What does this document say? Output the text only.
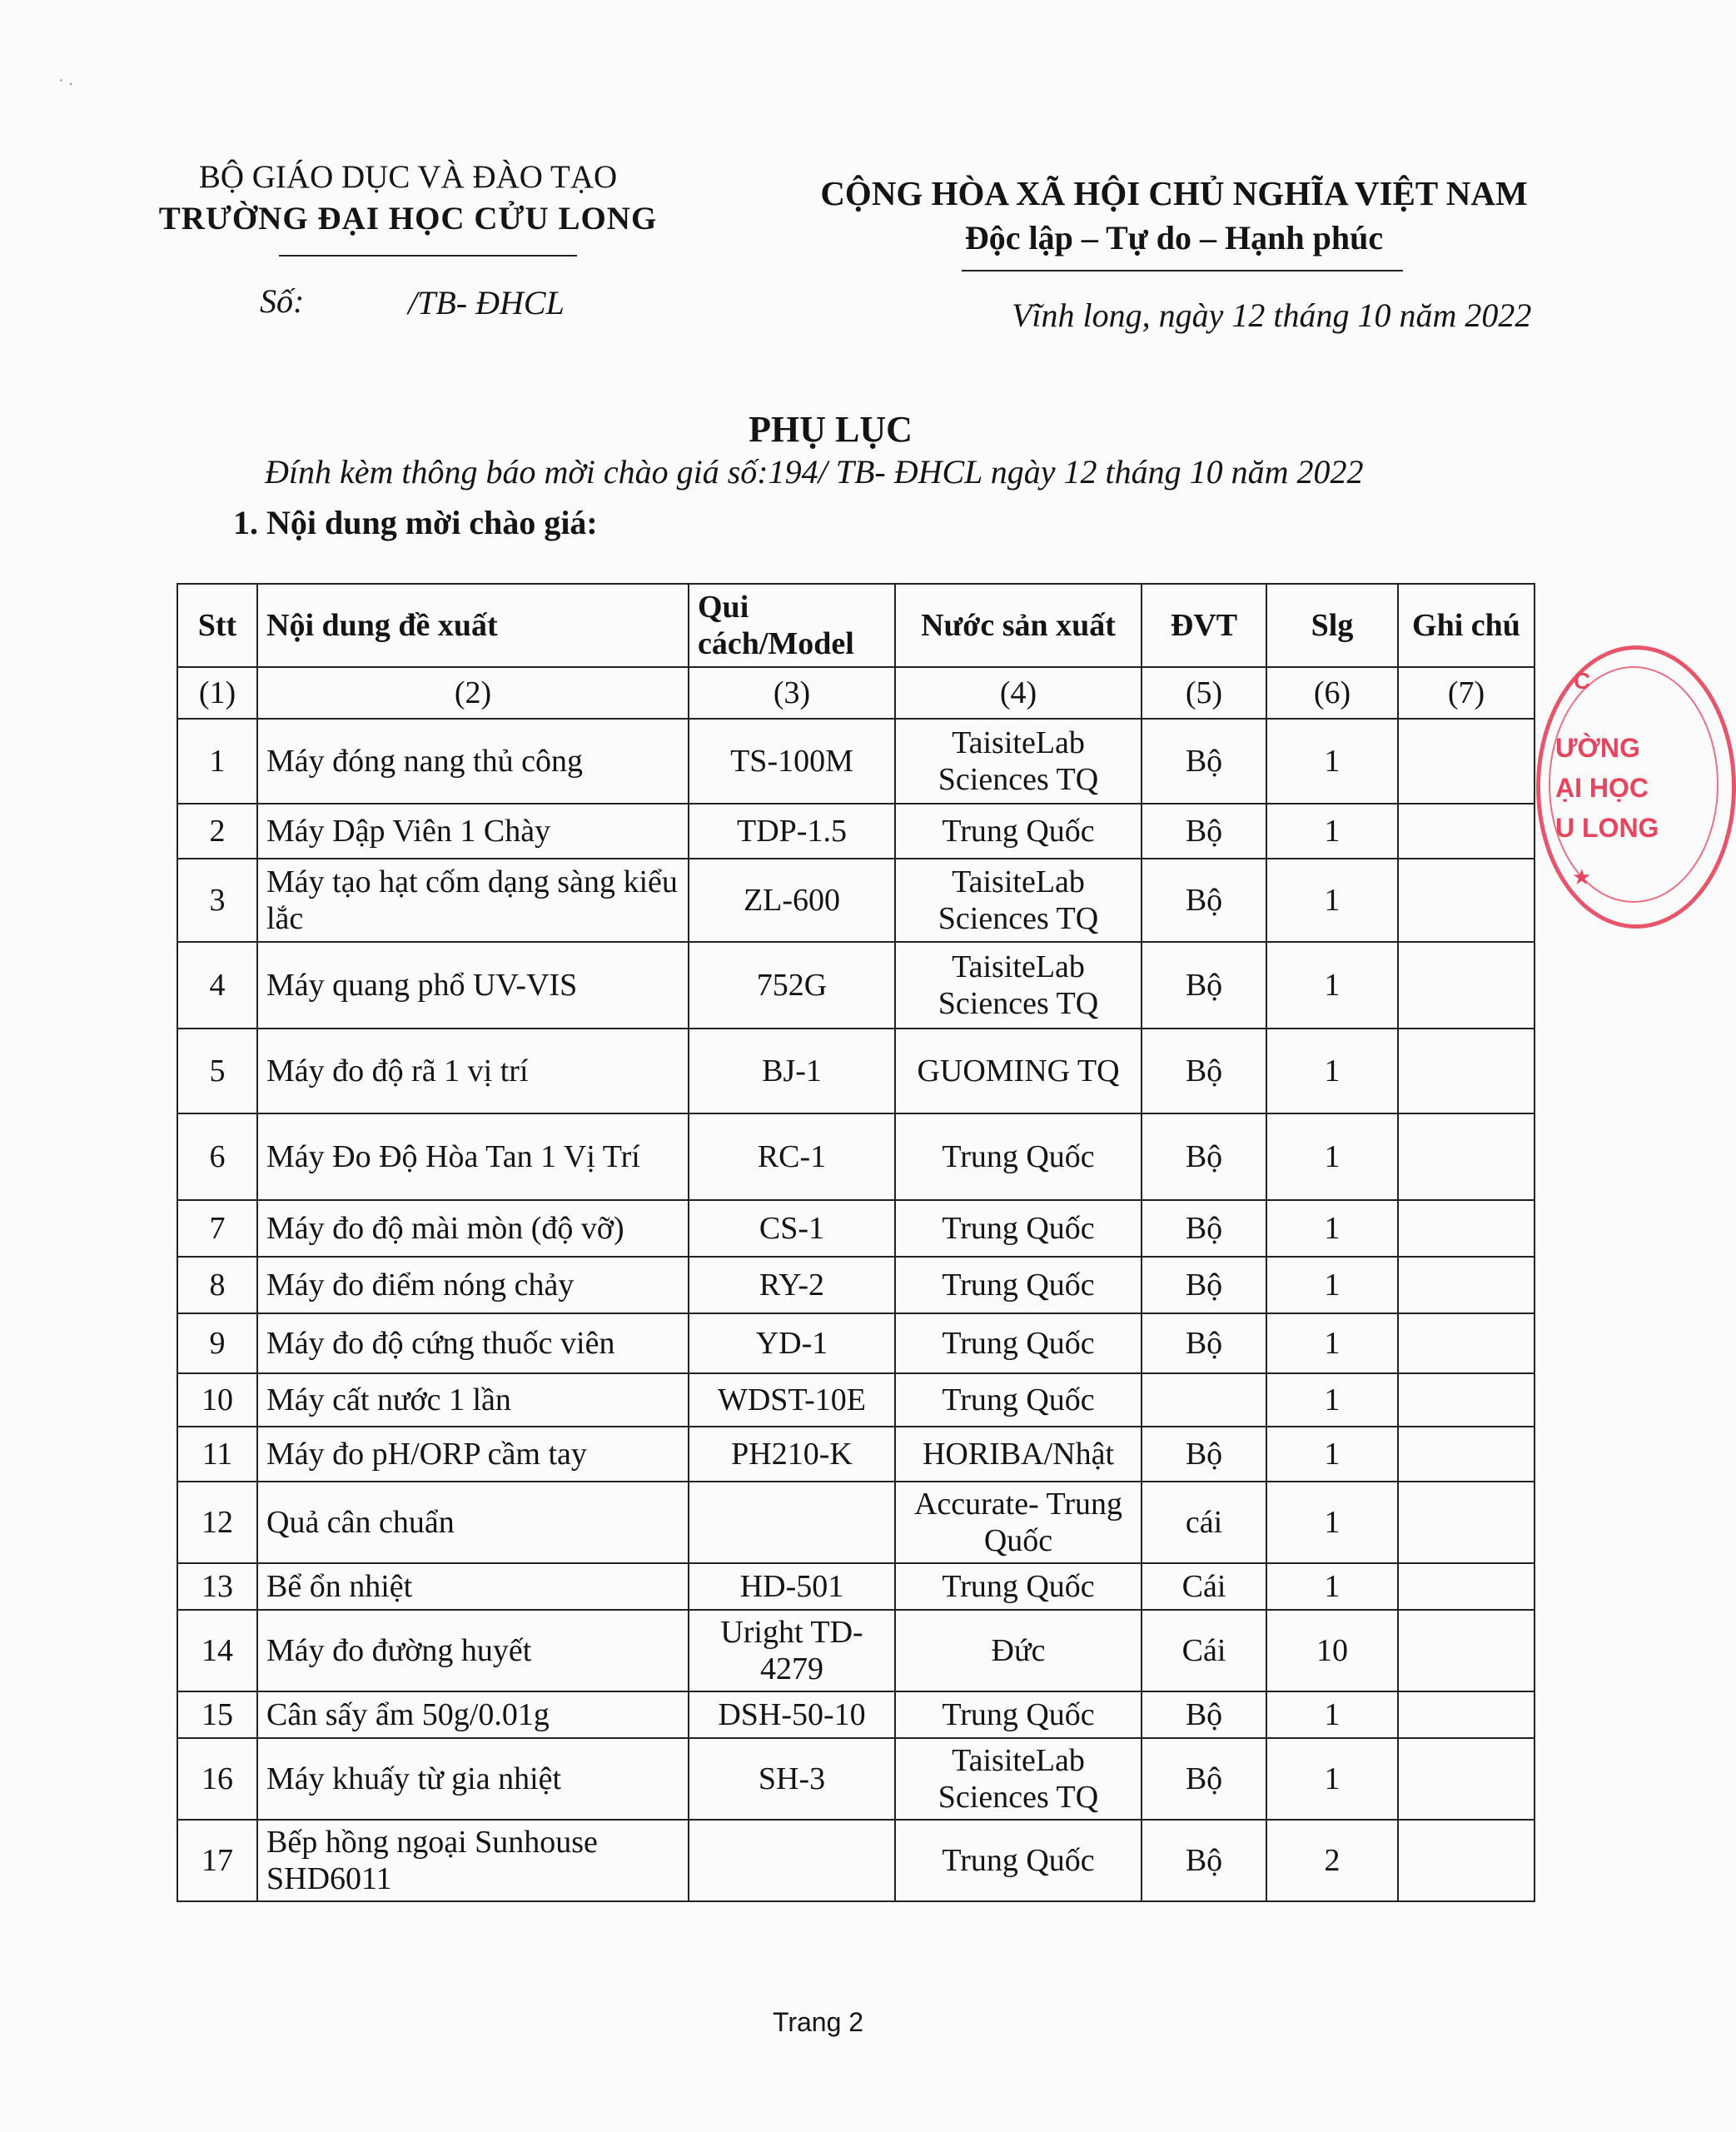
· .
BỘ GIÁO DỤC VÀ ĐÀO TẠO
TRƯỜNG ĐẠI HỌC CỬU LONG
CỘNG HÒA XÃ HỘI CHỦ NGHĨA VIỆT NAM
Độc lập – Tự do – Hạnh phúc
Số:	/TB- ĐHCL	Vĩnh long, ngày 12 tháng 10 năm 2022
PHỤ LỤC
Đính kèm thông báo mời chào giá số:194/ TB- ĐHCL ngày 12 tháng 10 năm 2022
1. Nội dung mời chào giá:
Stt	Nội dung đề xuất	Qui cách/Model	Nước sản xuất	ĐVT	Slg	Ghi chú
(1)	(2)	(3)	(4)	(5)	(6)	(7)
1	Máy đóng nang thủ công	TS-100M	TaisiteLab Sciences TQ	Bộ	1	
2	Máy Dập Viên 1 Chày	TDP-1.5	Trung Quốc	Bộ	1	
3	Máy tạo hạt cốm dạng sàng kiểu lắc	ZL-600	TaisiteLab Sciences TQ	Bộ	1	
4	Máy quang phổ UV-VIS	752G	TaisiteLab Sciences TQ	Bộ	1	
5	Máy đo độ rã 1 vị trí	BJ-1	GUOMING TQ	Bộ	1	
6	Máy Đo Độ Hòa Tan 1 Vị Trí	RC-1	Trung Quốc	Bộ	1	
7	Máy đo độ mài mòn (độ vỡ)	CS-1	Trung Quốc	Bộ	1	
8	Máy đo điểm nóng chảy	RY-2	Trung Quốc	Bộ	1	
9	Máy đo độ cứng thuốc viên	YD-1	Trung Quốc	Bộ	1	
10	Máy cất nước 1 lần	WDST-10E	Trung Quốc		1	
11	Máy đo pH/ORP cầm tay	PH210-K	HORIBA/Nhật	Bộ	1	
12	Quả cân chuẩn		Accurate- Trung Quốc	cái	1	
13	Bể ổn nhiệt	HD-501	Trung Quốc	Cái	1	
14	Máy đo đường huyết	Uright TD-4279	Đức	Cái	10	
15	Cân sấy ẩm 50g/0.01g	DSH-50-10	Trung Quốc	Bộ	1	
16	Máy khuấy từ gia nhiệt	SH-3	TaisiteLab Sciences TQ	Bộ	1	
17	Bếp hồng ngoại Sunhouse SHD6011		Trung Quốc	Bộ	2	
C
ƯỜNG
ẠI HỌC
U LONG
★
Trang 2
